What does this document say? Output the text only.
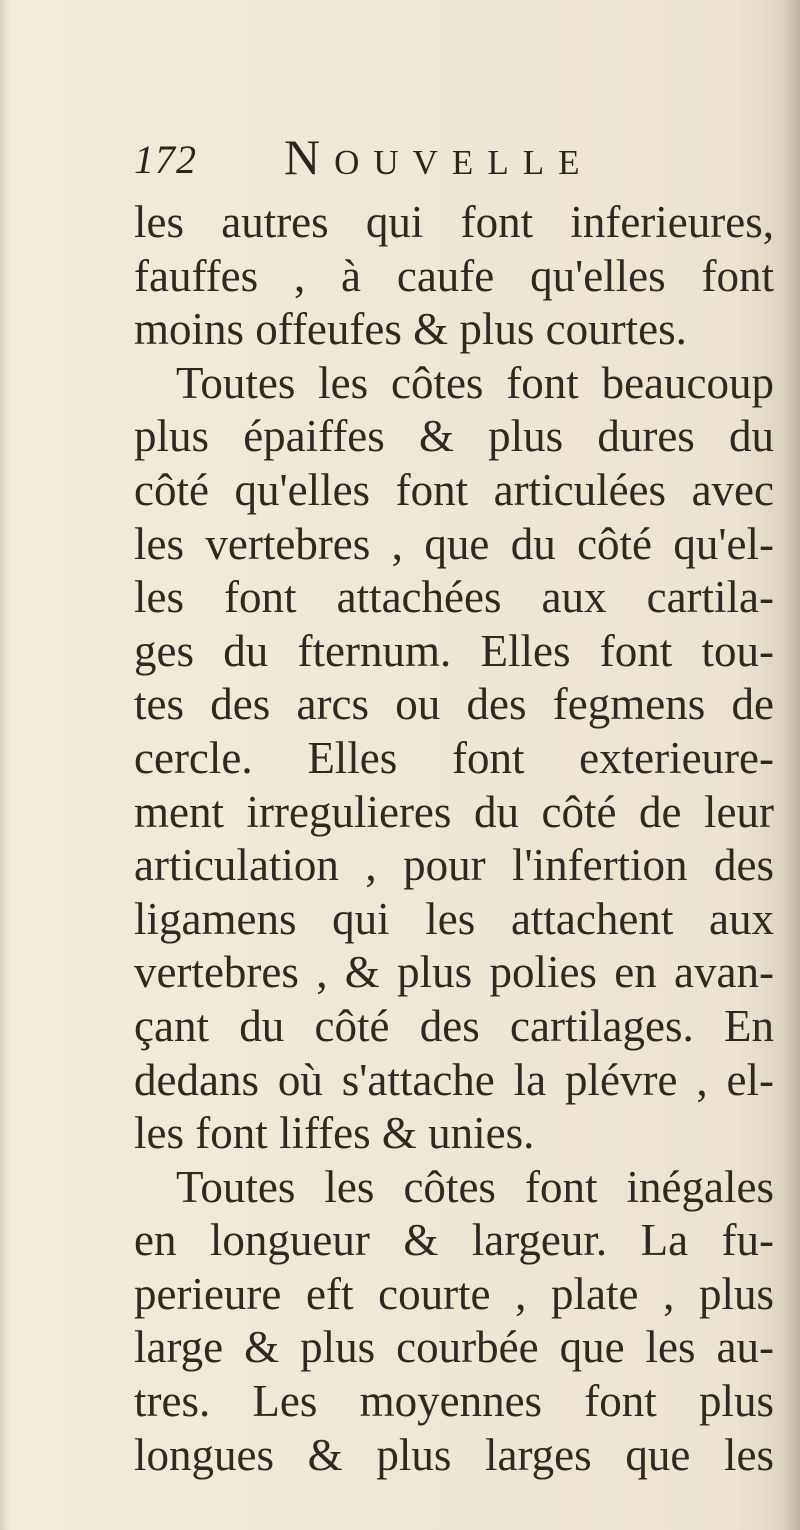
172 Nouvelle
les autres qui font inferieures,
fauffes , à caufe qu'elles font
moins offeufes & plus courtes.
Toutes les côtes font beaucoup
plus épaiffes & plus dures du
côté qu'elles font articulées avec
les vertebres , que du côté qu'el-
les font attachées aux cartila-
ges du fternum. Elles font tou-
tes des arcs ou des fegmens de
cercle. Elles font exterieure-
ment irregulieres du côté de leur
articulation , pour l'infertion des
ligamens qui les attachent aux
vertebres , & plus polies en avan-
çant du côté des cartilages. En
dedans où s'attache la plévre , el-
les font liffes & unies.
Toutes les côtes font inégales
en longueur & largeur. La fu-
perieure eft courte , plate , plus
large & plus courbée que les au-
tres. Les moyennes font plus
longues & plus larges que les
